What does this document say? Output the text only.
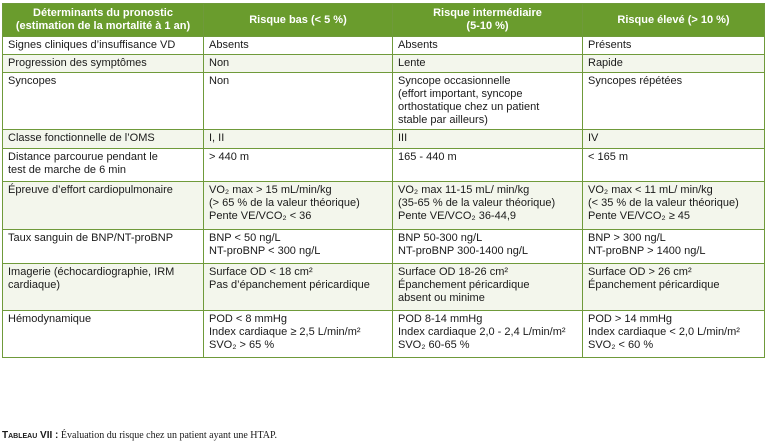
Déterminants du pronostic
(estimation de la mortalité à 1 an)	Risque bas (< 5 %)	Risque intermédiaire
(5-10 %)	Risque élevé (> 10 %)

Signes cliniques d’insuffisance VD	Absents	Absents	Présents

Progression des symptômes	Non	Lente	Rapide

Syncopes	Non	Syncope occasionnelle
(effort important, syncope
orthostatique chez un patient
stable par ailleurs)	Syncopes répétées

Classe fonctionnelle de l’OMS	I, II	III	IV

Distance parcourue pendant le
test de marche de 6 min	> 440 m	165 - 440 m	< 165 m

Épreuve d’effort cardiopulmonaire	VO₂ max > 15 mL/min/kg
(> 65 % de la valeur théorique)
Pente VE/VCO₂ < 36	VO₂ max 11-15 mL/ min/kg
(35-65 % de la valeur théorique)
Pente VE/VCO₂ 36-44,9	VO₂ max < 11 mL/ min/kg
(< 35 % de la valeur théorique)
Pente VE/VCO₂ ≥ 45

Taux sanguin de BNP/NT-proBNP	BNP < 50 ng/L
NT-proBNP < 300 ng/L	BNP 50-300 ng/L
NT-proBNP 300-1400 ng/L	BNP > 300 ng/L
NT-proBNP > 1400 ng/L

Imagerie (échocardiographie, IRM
cardiaque)	Surface OD < 18 cm²
Pas d’épanchement péricardique	Surface OD 18-26 cm²
Épanchement péricardique
absent ou minime	Surface OD > 26 cm²
Épanchement péricardique

Hémodynamique	POD < 8 mmHg
Index cardiaque ≥ 2,5 L/min/m²
SVO₂ > 65 %	POD 8-14 mmHg
Index cardiaque 2,0 - 2,4 L/min/m²
SVO₂ 60-65 %	POD > 14 mmHg
Index cardiaque < 2,0 L/min/m²
SVO₂ < 60 %
Tableau VII : Évaluation du risque chez un patient ayant une HTAP.
